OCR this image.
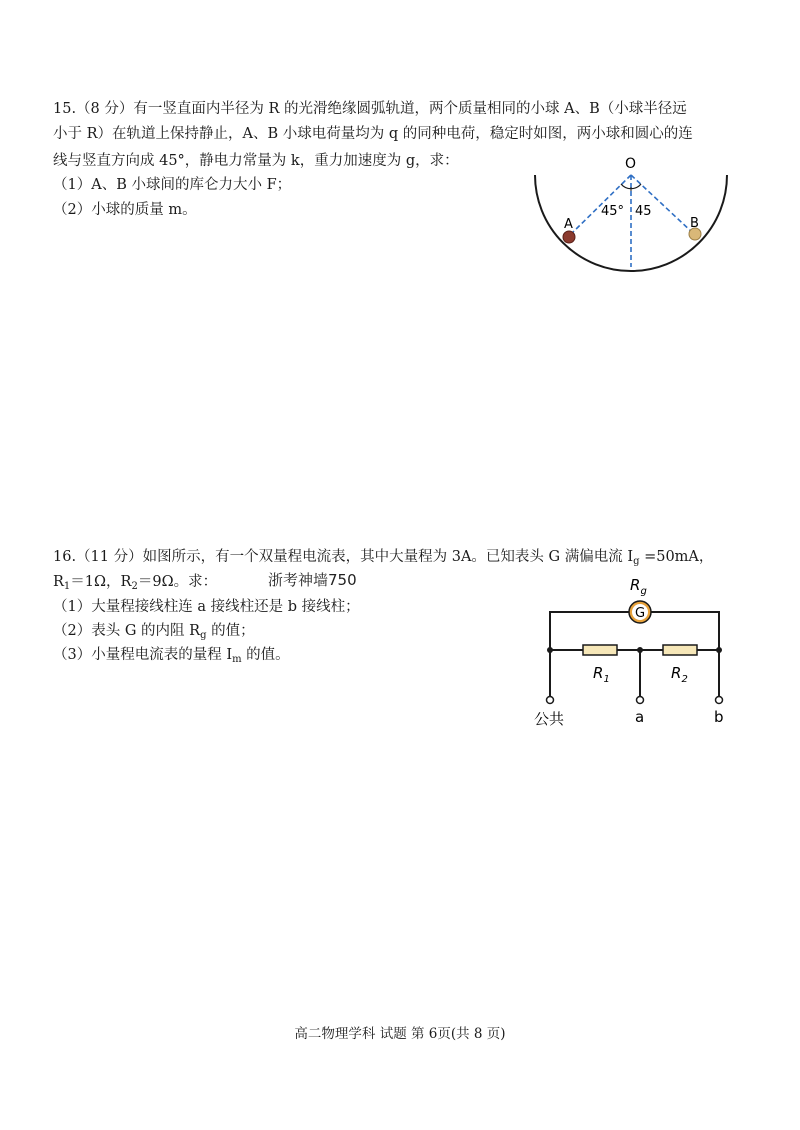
15.（8 分）有一竖直面内半径为 R 的光滑绝缘圆弧轨道，两个质量相同的小球 A、B（小球半径远
小于 R）在轨道上保持静止，A、B 小球电荷量均为 q 的同种电荷，稳定时如图，两小球和圆心的连
线与竖直方向成 45°，静电力常量为 k，重力加速度为 g，求：
（1）A、B 小球间的库仑力大小 F；
（2）小球的质量 m。
O
A	B
45° 45
16.（11 分）如图所示，有一个双量程电流表，其中大量程为 3A。已知表头 G 满偏电流 $I_g =50mA$，
$R_1=1\Omega$，$R_2=9\Omega$。求：	浙考神墙750
（1）大量程接线柱连 a 接线柱还是 b 接线柱；
（2）表头 G 的内阻 $R_g$ 的值；
（3）小量程电流表的量程 $I_m$ 的值。
$R_g$
G
$R_1$	$R_2$
公共	a	b
高二物理学科 试题 第 6页(共 8 页)
